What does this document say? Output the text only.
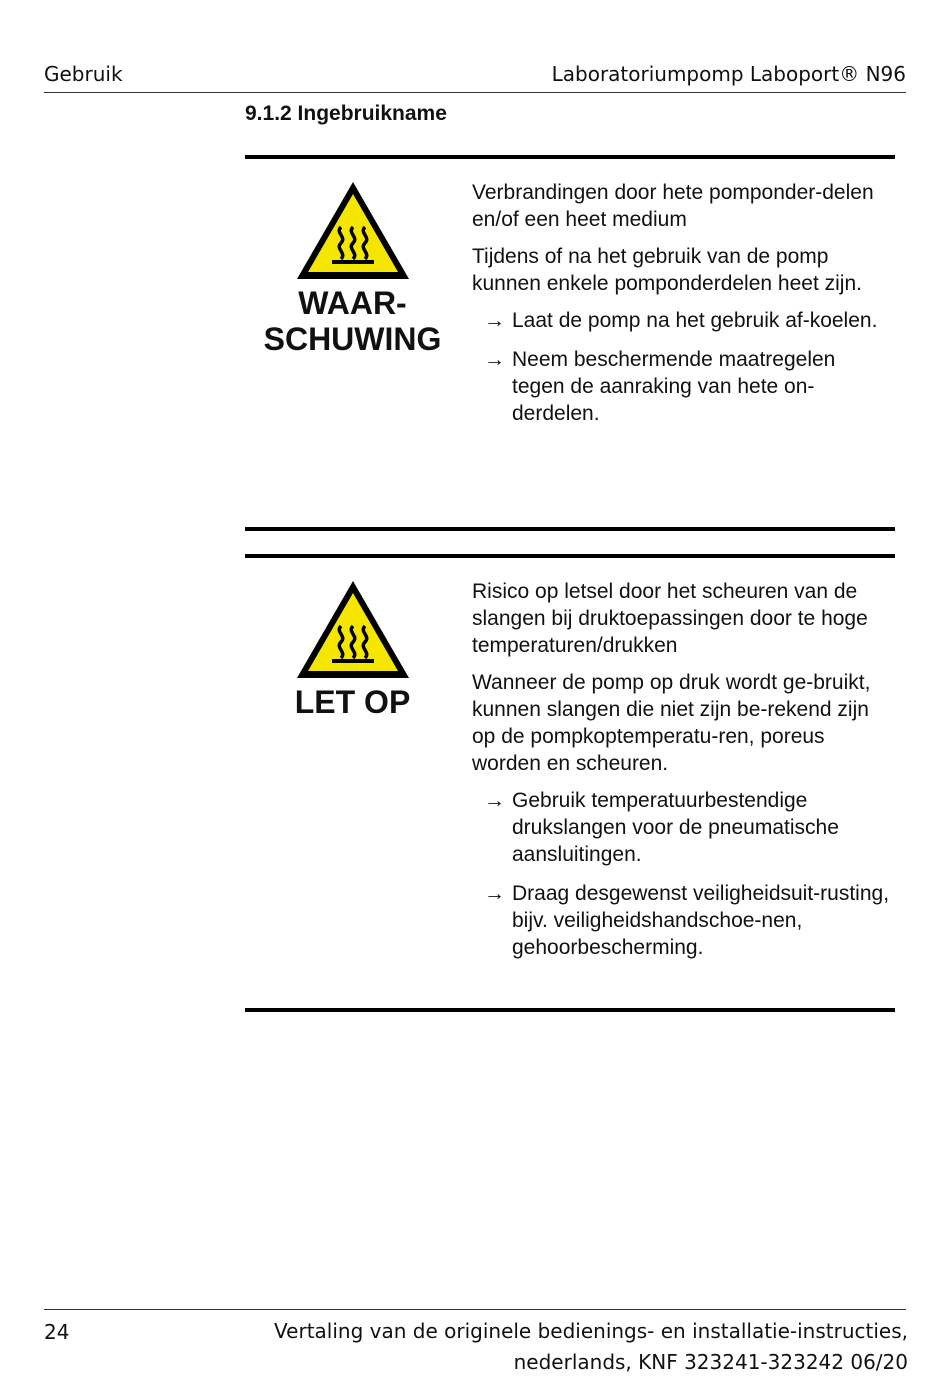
Gebruik	Laboratoriumpomp Laboport® N96
9.1.2 Ingebruikname
WAAR-
SCHUWING

Verbrandingen door hete pomponder-delen en/of een heet medium

Tijdens of na het gebruik van de pomp kunnen enkele pomponderdelen heet zijn.

→ Laat de pomp na het gebruik af-koelen.
→ Neem beschermende maatregelen tegen de aanraking van hete on-derdelen.
LET OP

Risico op letsel door het scheuren van de slangen bij druktoepassingen door te hoge temperaturen/drukken

Wanneer de pomp op druk wordt ge-bruikt, kunnen slangen die niet zijn be-rekend zijn op de pompkoptemperatu-ren, poreus worden en scheuren.

→ Gebruik temperatuurbestendige drukslangen voor de pneumatische aansluitingen.
→ Draag desgewenst veiligheidsuit-rusting, bijv. veiligheidshandschoe-nen, gehoorbescherming.
24	Vertaling van de originele bedienings- en installatie-instructies,
nederlands, KNF 323241-323242 06/20
